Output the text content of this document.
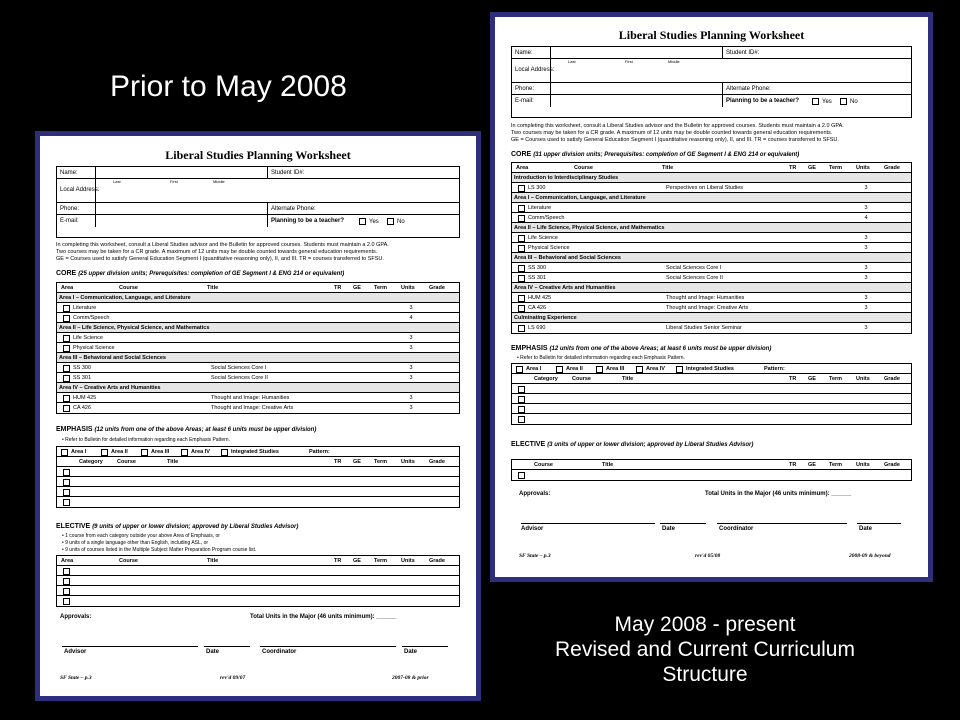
Prior to May 2008
May 2008 - present
Revised and Current Curriculum
Structure
Liberal Studies Planning Worksheet
Name:	Student ID#:
Local Address:
Last	First	Middle
Phone:	Alternate Phone:
E-mail:	Planning to be a teacher?	Yes	No
In completing this worksheet, consult a Liberal Studies advisor and the Bulletin for approved courses. Students must maintain a 2.0 GPA.
Two courses may be taken for a CR grade. A maximum of 12 units may be double counted towards general education requirements.
GE = Courses used to satisfy General Education Segment I (quantitative reasoning only), II, and III. TR = courses transferred to SFSU.
CORE (25 upper division units; Prerequisites: completion of GE Segment I & ENG 214 or equivalent)
Area	Course	Title	TR GE Term	Units	Grade
Area I – Communication, Language, and Literature
Literature	3
Comm/Speech	4
Area II – Life Science, Physical Science, and Mathematics
Life Science	3
Physical Science	3
Area III – Behavioral and Social Sciences
SS 300	Social Sciences Core I	3
SS 301	Social Sciences Core II	3
Area IV – Creative Arts and Humanities
HUM 425	Thought and Image: Humanities	3
CA 426	Thought and Image: Creative Arts	3
EMPHASIS (12 units from one of the above Areas; at least 6 units must be upper division)
• Refer to Bulletin for detailed information regarding each Emphasis Pattern.
Area I	Area II	Area III	Area IV	Integrated Studies	Pattern:
Category	Course	Title	TR GE Term	Units	Grade
ELECTIVE (9 units of upper or lower division; approved by Liberal Studies Advisor)
• 1 course from each category outside your above Area of Emphasis, or
• 9 units of a single language other than English, including ASL, or
• 9 units of courses listed in the Multiple Subject Matter Preparation Program course list.
Area	Course	Title	TR GE Term	Units	Grade
Approvals:	Total Units in the Major (46 units minimum): ______
Advisor	Date	Coordinator	Date
SF State – p.3	rev'd 09/07	2007-08 & prior
Liberal Studies Planning Worksheet
Name:	Student ID#:
Local Address:
Last	First	Middle
Phone:	Alternate Phone:
E-mail:	Planning to be a teacher?	Yes	No
In completing this worksheet, consult a Liberal Studies advisor and the Bulletin for approved courses. Students must maintain a 2.0 GPA.
Two courses may be taken for a CR grade. A maximum of 12 units may be double counted towards general education requirements.
GE = Courses used to satisfy General Education Segment I (quantitative reasoning only), II, and III. TR = courses transferred to SFSU.
CORE (31 upper division units; Prerequisites: completion of GE Segment I & ENG 214 or equivalent)
Area	Course	Title	TR GE Term	Units	Grade
Introduction to Interdisciplinary Studies
LS 300	Perspectives on Liberal Studies	3
Area I – Communication, Language, and Literature
Literature	3
Comm/Speech	4
Area II – Life Science, Physical Science, and Mathematics
Life Science	3
Physical Science	3
Area III – Behavioral and Social Sciences
SS 300	Social Sciences Core I	3
SS 301	Social Sciences Core II	3
Area IV – Creative Arts and Humanities
HUM 425	Thought and Image: Humanities	3
CA 426	Thought and Image: Creative Arts	3
Culminating Experience
LS 690	Liberal Studies Senior Seminar	3
EMPHASIS (12 units from one of the above Areas; at least 6 units must be upper division)
• Refer to Bulletin for detailed information regarding each Emphasis Pattern.
Area I	Area II	Area III	Area IV	Integrated Studies	Pattern:
Category	Course	Title	TR GE Term	Units	Grade
ELECTIVE (3 units of upper or lower division; approved by Liberal Studies Advisor)
Course	Title	TR GE Term	Units	Grade
Approvals:	Total Units in the Major (46 units minimum): ______
Advisor	Date	Coordinator	Date
SF State – p.3	rev'd 05/08	2008-09 & beyond
